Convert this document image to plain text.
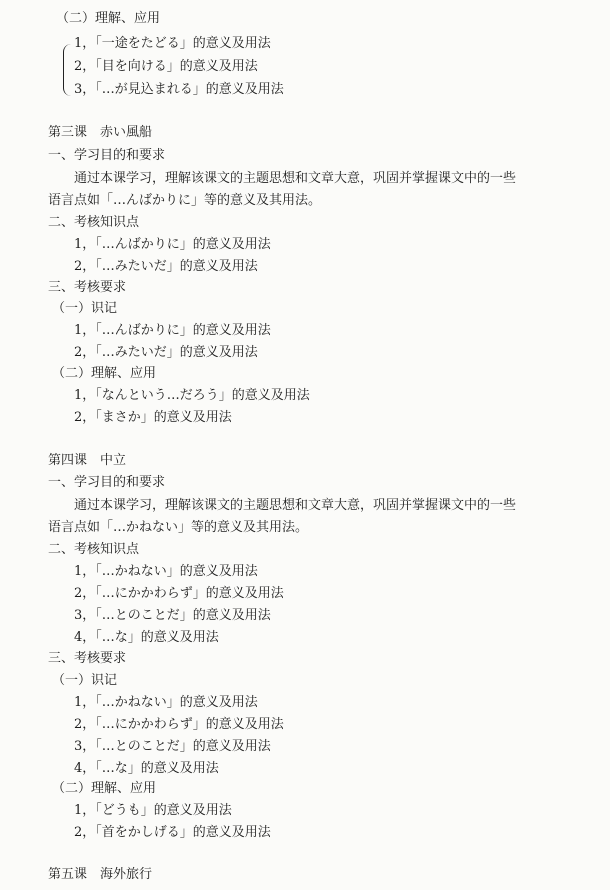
（二）理解、应用
1，「一途をたどる」的意义及用法
2，「目を向ける」的意义及用法
3，「…が見込まれる」的意义及用法
第三课　赤い風船
一、学习目的和要求
通过本课学习，理解该课文的主题思想和文章大意，巩固并掌握课文中的一些
语言点如「…んばかりに」等的意义及其用法。
二、考核知识点
1，「…んばかりに」的意义及用法
2，「…みたいだ」的意义及用法
三、考核要求
（一）识记
1，「…んばかりに」的意义及用法
2，「…みたいだ」的意义及用法
（二）理解、应用
1，「なんという…だろう」的意义及用法
2，「まさか」的意义及用法
第四课　中立
一、学习目的和要求
通过本课学习，理解该课文的主题思想和文章大意，巩固并掌握课文中的一些
语言点如「…かねない」等的意义及其用法。
二、考核知识点
1，「…かねない」的意义及用法
2，「…にかかわらず」的意义及用法
3，「…とのことだ」的意义及用法
4，「…な」的意义及用法
三、考核要求
（一）识记
1，「…かねない」的意义及用法
2，「…にかかわらず」的意义及用法
3，「…とのことだ」的意义及用法
4，「…な」的意义及用法
（二）理解、应用
1，「どうも」的意义及用法
2，「首をかしげる」的意义及用法
第五课　海外旅行
